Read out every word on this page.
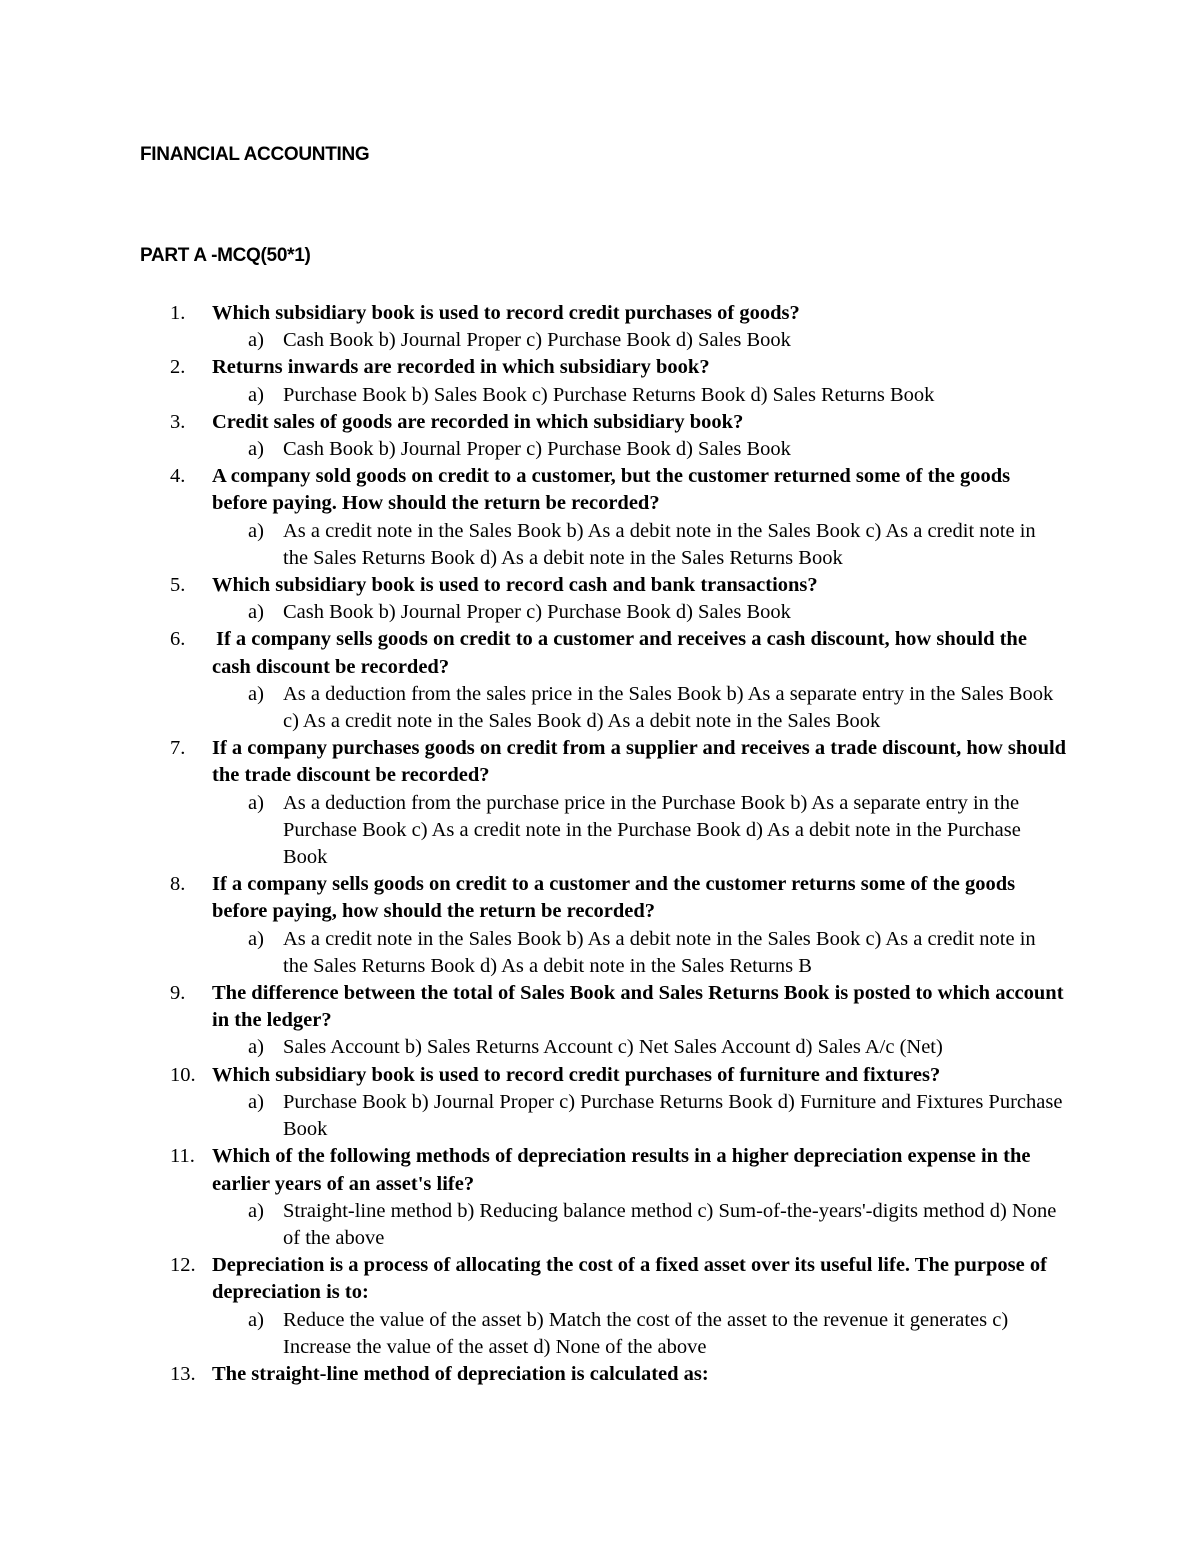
FINANCIAL ACCOUNTING
PART A -MCQ(50*1)
1.	Which subsidiary book is used to record credit purchases of goods?
a) Cash Book b) Journal Proper c) Purchase Book d) Sales Book
2.	Returns inwards are recorded in which subsidiary book?
a) Purchase Book b) Sales Book c) Purchase Returns Book d) Sales Returns Book
3.	Credit sales of goods are recorded in which subsidiary book?
a) Cash Book b) Journal Proper c) Purchase Book d) Sales Book
4.	A company sold goods on credit to a customer, but the customer returned some of the goods before paying. How should the return be recorded?
a) As a credit note in the Sales Book b) As a debit note in the Sales Book c) As a credit note in the Sales Returns Book d) As a debit note in the Sales Returns Book
5.	Which subsidiary book is used to record cash and bank transactions?
a) Cash Book b) Journal Proper c) Purchase Book d) Sales Book
6.	If a company sells goods on credit to a customer and receives a cash discount, how should the cash discount be recorded?
a) As a deduction from the sales price in the Sales Book b) As a separate entry in the Sales Book c) As a credit note in the Sales Book d) As a debit note in the Sales Book
7.	If a company purchases goods on credit from a supplier and receives a trade discount, how should the trade discount be recorded?
a) As a deduction from the purchase price in the Purchase Book b) As a separate entry in the Purchase Book c) As a credit note in the Purchase Book d) As a debit note in the Purchase Book
8.	If a company sells goods on credit to a customer and the customer returns some of the goods before paying, how should the return be recorded?
a) As a credit note in the Sales Book b) As a debit note in the Sales Book c) As a credit note in the Sales Returns Book d) As a debit note in the Sales Returns B
9.	The difference between the total of Sales Book and Sales Returns Book is posted to which account in the ledger?
a) Sales Account b) Sales Returns Account c) Net Sales Account d) Sales A/c (Net)
10. Which subsidiary book is used to record credit purchases of furniture and fixtures?
a) Purchase Book b) Journal Proper c) Purchase Returns Book d) Furniture and Fixtures Purchase Book
11. Which of the following methods of depreciation results in a higher depreciation expense in the earlier years of an asset's life?
a) Straight-line method b) Reducing balance method c) Sum-of-the-years'-digits method d) None of the above
12. Depreciation is a process of allocating the cost of a fixed asset over its useful life. The purpose of depreciation is to:
a) Reduce the value of the asset b) Match the cost of the asset to the revenue it generates c) Increase the value of the asset d) None of the above
13. The straight-line method of depreciation is calculated as:
